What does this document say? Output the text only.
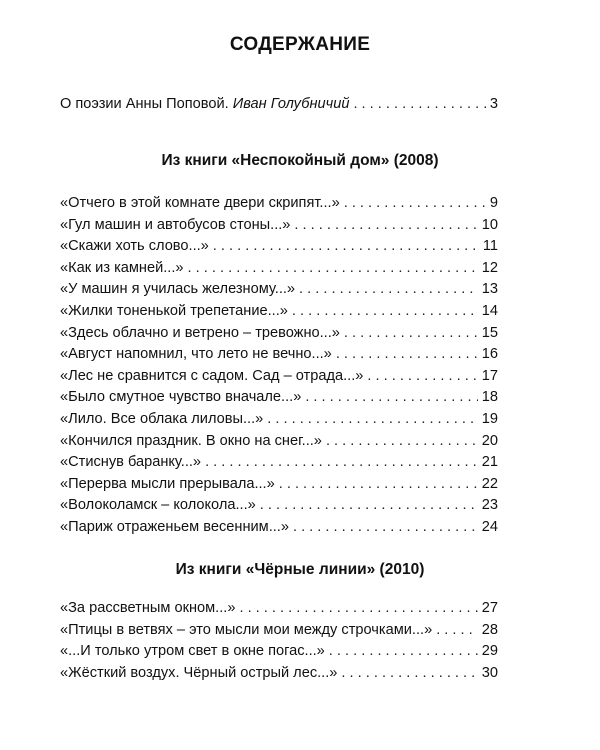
СОДЕРЖАНИЕ
О поэзии Анны Поповой. Иван Голубничий . . .	3
Из книги «Неспокойный дом» (2008)
«Отчего в этой комнате двери скрипят...» . . .	9
«Гул машин и автобусов стоны...» . . .	10
«Скажи хоть слово...» . . .	11
«Как из камней...» . . .	12
«У машин я училась железному...» . . .	13
«Жилки тоненькой трепетание...» . . .	14
«Здесь облачно и ветрено – тревожно...» . . .	15
«Август напомнил, что лето не вечно...» . . .	16
«Лес не сравнится с садом. Сад – отрада...» . . .	17
«Было смутное чувство вначале...» . . .	18
«Лило. Все облака лиловы...» . . .	19
«Кончился праздник. В окно на снег...» . . .	20
«Стиснув баранку...» . . .	21
«Перерва мысли прерывала...» . . .	22
«Волоколамск – колокола...» . . .	23
«Париж отраженьем весенним...» . . .	24
Из книги «Чёрные линии» (2010)
«За рассветным окном...» . . .	27
«Птицы в ветвях – это мысли мои между строчками...» . . .	28
«...И только утром свет в окне погас...» . . .	29
«Жёсткий воздух. Чёрный острый лес...» . . .	30
